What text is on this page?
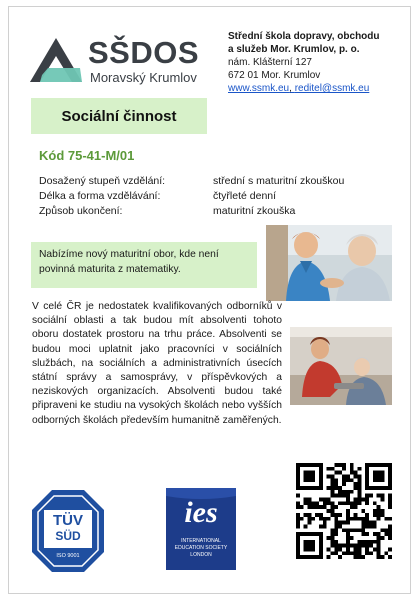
SŠDOS
Moravský Krumlov
Střední škola dopravy, obchodu
a služeb Mor. Krumlov, p. o.
nám. Klášterní 127
672 01 Mor. Krumlov
www.ssmk.eu, reditel@ssmk.eu
Sociální činnost
Kód 75-41-M/01
Dosažený stupeň vzdělání:	střední s maturitní zkouškou
Délka a forma vzdělávání:	čtyřleté denní
Způsob ukončení:	maturitní zkouška
Nabízíme nový maturitní obor, kde není povinná maturita z matematiky.
V celé ČR je nedostatek kvalifikovaných odborníků v sociální oblasti a tak budou mít absolventi tohoto oboru dostatek prostoru na trhu práce. Absolventi se budou moci uplatnit jako pracovníci v sociálních službách, na sociálních a administrativních úsecích státní správy a samosprávy, v příspěvkových a neziskových organizacích. Absolventi budou také připraveni ke studiu na vysokých školách nebo vyšších odborných školách především humanitně zaměřených.
TÜV
SÜD
ISO 9001
ies
INTERNATIONAL
EDUCATION SOCIETY
LONDON
